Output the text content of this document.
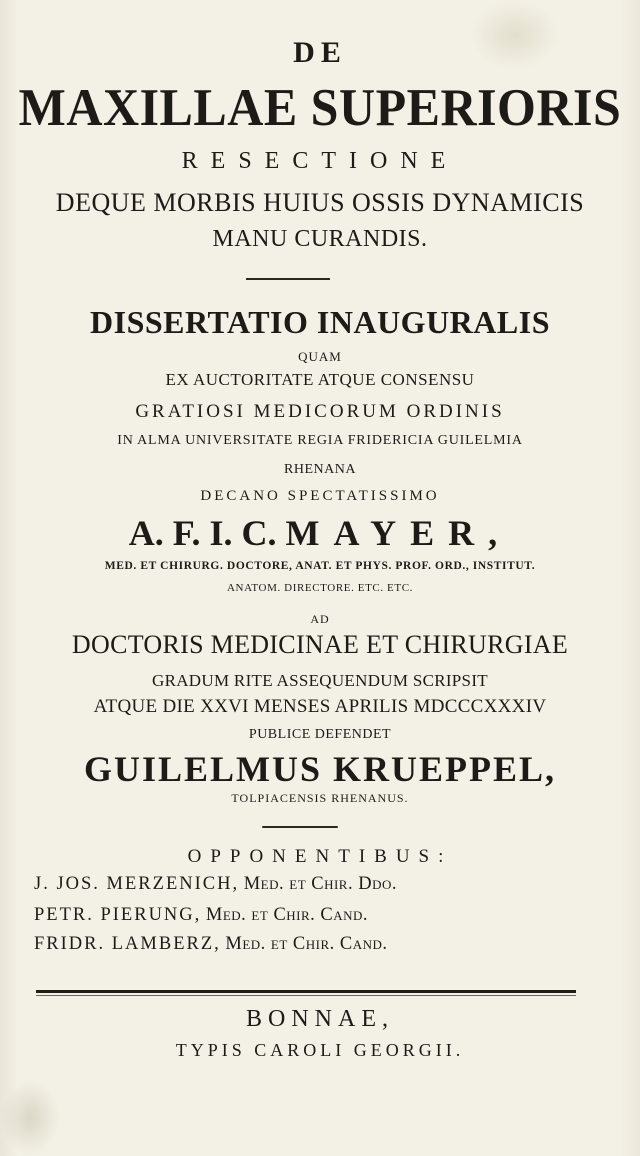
DE
MAXILLAE SUPERIORIS
RESECTIONE
DEQUE MORBIS HUIUS OSSIS DYNAMICIS
MANU CURANDIS.
DISSERTATIO INAUGURALIS
QUAM
EX AUCTORITATE ATQUE CONSENSU
GRATIOSI MEDICORUM ORDINIS
IN ALMA UNIVERSITATE REGIA FRIDERICIA GUILELMIA
RHENANA
DECANO SPECTATISSIMO
A. F. I. C. MAYER,
MED. ET CHIRURG. DOCTORE, ANAT. ET PHYS. PROF. ORD., INSTITUT.
ANATOM. DIRECTORE. ETC. ETC.
AD
DOCTORIS MEDICINAE ET CHIRURGIAE
GRADUM RITE ASSEQUENDUM SCRIPSIT
ATQUE DIE XXVI MENSES APRILIS MDCCCXXXIV
PUBLICE DEFENDET
GUILELMUS KRUEPPEL,
TOLPIACENSIS RHENANUS.
OPPONENTIBUS:
J. JOS. MERZENICH, Med. et Chir. Ddo.
PETR. PIERUNG, Med. et Chir. Cand.
FRIDR. LAMBERZ, Med. et Chir. Cand.
BONNAE,
TYPIS CAROLI GEORGII.
